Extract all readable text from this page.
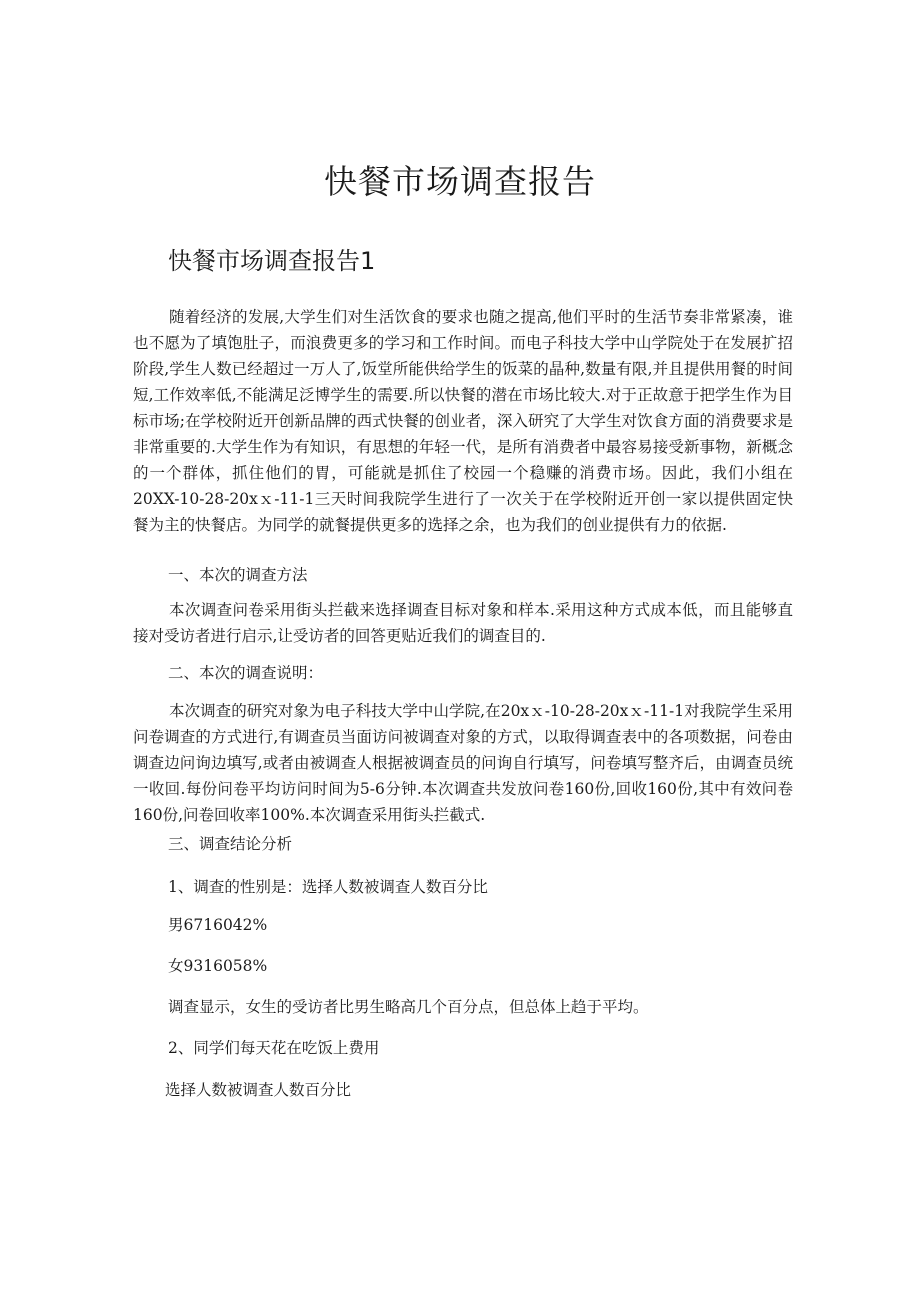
快餐市场调查报告
快餐市场调查报告1

随着经济的发展,大学生们对生活饮食的要求也随之提高,他们平时的生活节奏非常紧凑，谁也不愿为了填饱肚子，而浪费更多的学习和工作时间。而电子科技大学中山学院处于在发展扩招阶段,学生人数已经超过一万人了,饭堂所能供给学生的饭菜的晶种,数量有限,并且提供用餐的时间短,工作效率低,不能满足泛博学生的需要.所以快餐的潜在市场比较大.对于正故意于把学生作为目标市场;在学校附近开创新品牌的西式快餐的创业者，深入研究了大学生对饮食方面的消费要求是非常重要的.大学生作为有知识，有思想的年轻一代，是所有消费者中最容易接受新事物，新概念的一个群体，抓住他们的胃，可能就是抓住了校园一个稳赚的消费市场。因此，我们小组在20XX-10-28-20xｘ-11-1三天时间我院学生进行了一次关于在学校附近开创一家以提供固定快餐为主的快餐店。为同学的就餐提供更多的选择之余，也为我们的创业提供有力的依据.

一、本次的调查方法

本次调查问卷采用街头拦截来选择调查目标对象和样本.采用这种方式成本低，而且能够直接对受访者进行启示,让受访者的回答更贴近我们的调查目的.

二、本次的调查说明：

本次调查的研究对象为电子科技大学中山学院,在20xｘ-10-28-20xｘ-11-1对我院学生采用问卷调查的方式进行,有调查员当面访问被调查对象的方式，以取得调查表中的各项数据，问卷由调查边问询边填写,或者由被调查人根据被调查员的问询自行填写，问卷填写整齐后，由调查员统一收回.每份问卷平均访问时间为5-6分钟.本次调查共发放问卷160份,回收160份,其中有效问卷160份,问卷回收率100%.本次调查采用街头拦截式.

三、调查结论分析

1、调查的性别是：选择人数被调查人数百分比

男6716042%

女9316058%

调查显示，女生的受访者比男生略高几个百分点，但总体上趋于平均。

2、同学们每天花在吃饭上费用

选择人数被调查人数百分比
